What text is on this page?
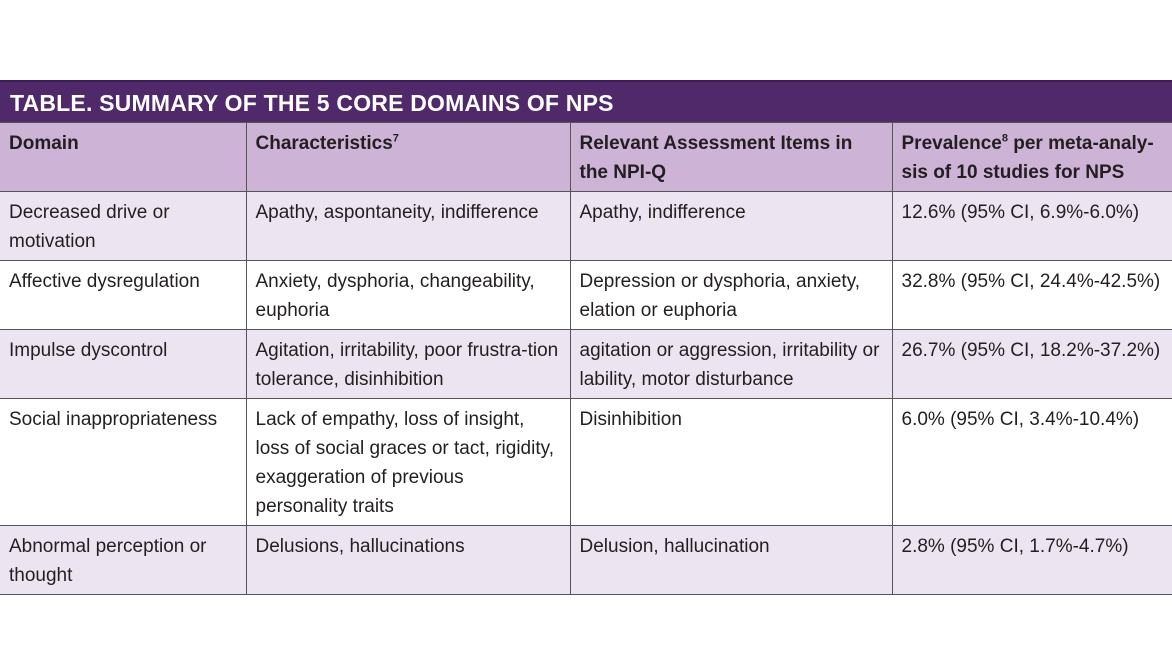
TABLE. SUMMARY OF THE 5 CORE DOMAINS OF NPS
Domain	Characteristics$^7$	Relevant Assessment Items in the NPI-Q	Prevalence$^8$ per meta-analy-sis of 10 studies for NPS
Decreased drive or motivation	Apathy, aspontaneity, indifference	Apathy, indifference	12.6% (95% CI, 6.9%-6.0%)
Affective dysregulation	Anxiety, dysphoria, changeability, euphoria	Depression or dysphoria, anxiety, elation or euphoria	32.8% (95% CI, 24.4%-42.5%)
Impulse dyscontrol	Agitation, irritability, poor frustra-tion tolerance, disinhibition	agitation or aggression, irritability or lability, motor disturbance	26.7% (95% CI, 18.2%-37.2%)
Social inappropriateness	Lack of empathy, loss of insight, loss of social graces or tact, rigidity, exaggeration of previous personality traits	Disinhibition	6.0% (95% CI, 3.4%-10.4%)
Abnormal perception or thought	Delusions, hallucinations	Delusion, hallucination	2.8% (95% CI, 1.7%-4.7%)
